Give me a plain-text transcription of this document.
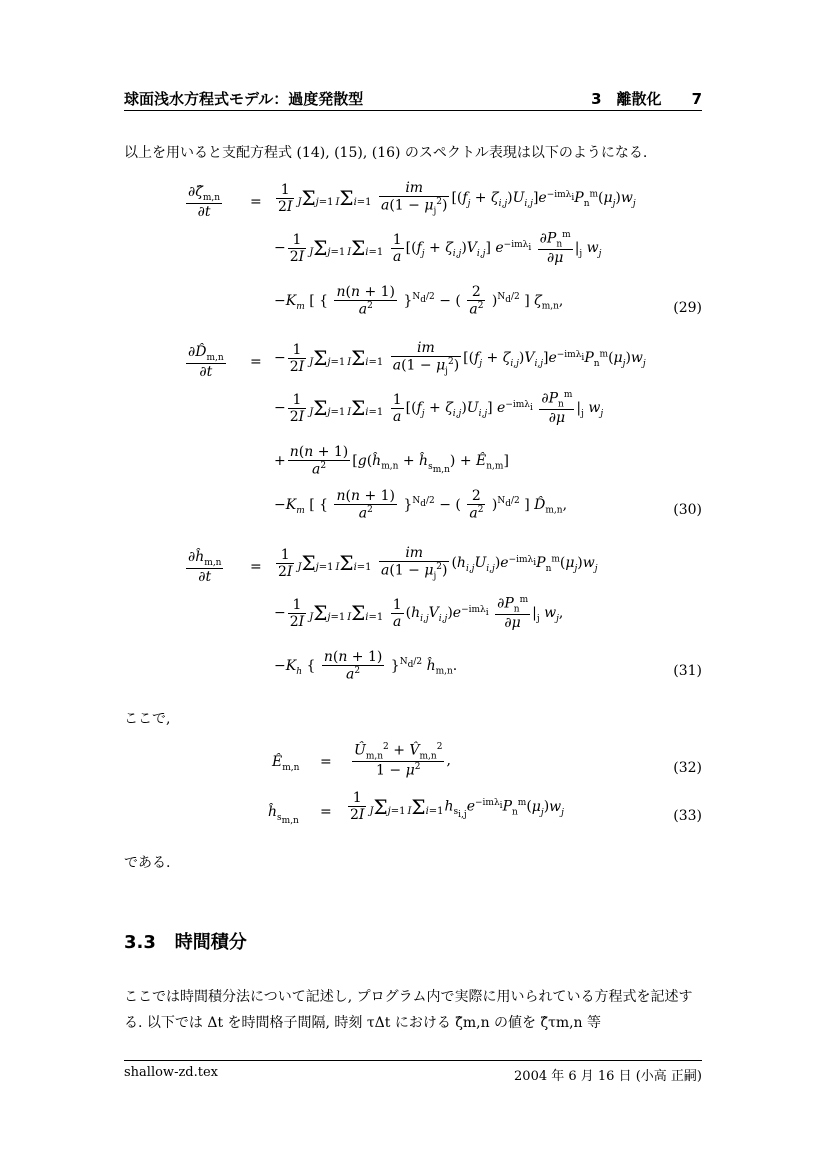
球面浅水方程式モデル：過度発散型	3　離散化　　7
以上を用いると支配方程式 (14), (15), (16) のスペクトル表現は以下のようになる.
$\frac{\partial\zetâ_{m,n}}{\partial t} = \frac{1}{2I} J\Sigma j=1$ $I\Sigma i=1 \frac{im}{a(1 - \mu_j^2)} [(f_j + \zeta_{i,j})U_{i,j}]e^{-im\lambda_i}P_n^m(\mu_j)w_j$
− $\frac{1}{2I} J\Sigma j=1$ $I\Sigma i=1 \frac{1}{a} [(f_j + \zeta_{i,j})V_{i,j}]$ $e^{-im\lambda_i} \frac{\partial P_n^m}{\partial\mu} |_j$ $w_j$
$-K_m$ [ { $\frac{n(n + 1)}{a^2} \}^{N_d/2}$ − ( $\frac{2}{a^2} )^{N_d/2}$ ] $\zeta_{m,n}$,	(29)
$\frac{\partial D̂_{m,n}}{\partial t}$ = − $\frac{1}{2I} J\Sigma j=1$ $I\Sigma i=1 \frac{im}{a(1 - \mu_j^2)} [(f_j + \zeta_{i,j})V_{i,j}]e^{-im\lambda_i}P_n^m(\mu_j)w_j$
− $\frac{1}{2I} J\Sigma j=1$ $I\Sigma i=1 \frac{1}{a} [(f_j + \zeta_{i,j})U_{i,j}]$ $e^{-im\lambda_i} \frac{\partial P_n^m}{\partial\mu} |_j$ $w_j$
+ $\frac{n(n + 1)}{a^2}$ [$g(ĥ_{m,n}$ + $ĥ_{s_{m,n}}$) + $Ê_{n,m}$]
$-K_m$ [ { $\frac{n(n + 1)}{a^2} \}^{N_d/2}$ − ( $\frac{2}{a^2} )^{N_d/2}$ ] $D̂_{m,n}$,	(30)
$\frac{\partial ĥ_{m,n}}{\partial t} = \frac{1}{2I} J\Sigma j=1$ $I\Sigma i=1 \frac{im}{a(1 - \mu_j^2)} (h_{i,j}U_{i,j})e^{-im\lambda_i}P_n^m(\mu_j)w_j$
− $\frac{1}{2I} J\Sigma j=1$ $I\Sigma i=1 \frac{1}{a} (h_{i,j}V_{i,j})e^{-im\lambda_i} \frac{\partial P_n^m}{\partial\mu} |_j$ $w_j$,
$-K_h$ { $\frac{n(n + 1)}{a^2} \}^{N_d/2}$ $ĥ_{m,n}$.	(31)
ここで,
$Ê_{m,n} = \frac{Û_{m,n}^2 + V̂_{m,n}^2}{1 - \mu^2}$ ,	(32)
$ĥ_{s_{m,n}}$
= $\frac{1}{2I} J\Sigma j=1$ $I\Sigma i=1h_{s_{i,j}}e^{-im\lambda_i}P_n^m(\mu_j)w_j$	(33)
である.
3.3 時間積分
ここでは時間積分法について記述し, プログラム内で実際に用いられている方程式を記述する. 以下では Δt を時間格子間隔, 時刻 τΔt における ζ̂m,n の値を ζ̂τm,n 等
shallow-zd.tex	2004 年 6 月 16 日 (小高 正嗣)
